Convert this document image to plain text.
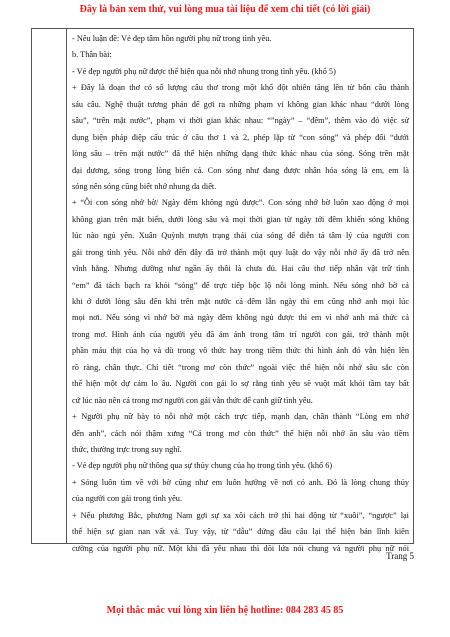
Đây là bản xem thử, vui lòng mua tài liệu để xem chi tiết (có lời giải)
- Nêu luận đề: Vẻ đẹp tâm hồn người phụ nữ trong tình yêu.
b. Thân bài:
- Vẻ đẹp người phụ nữ được thể hiện qua nỗi nhớ nhung trong tình yêu. (khổ 5)
+ Đây là đoạn thơ có số lượng câu thơ trong một khổ đột nhiên tăng lên từ bốn câu thành
sáu câu. Nghệ thuật tương phản để gợi ra những phạm vi không gian khác nhau “dưới lòng
sâu”, “trên mặt nước”, phạm vi thời gian khác nhau: “”ngày” – “đêm”, thêm vào đó việc sử
dụng biện pháp điệp cấu trúc ở câu thơ 1 và 2, phép lặp từ “con sóng” và phép đối “dưới
lòng sâu – trên mặt nước” đã thể hiện những dạng thức khác nhau của sóng. Sóng trên mặt
đại dương, sóng trong lòng biển cả. Con sóng như đang được nhân hóa sóng là em, em là
sóng nên sóng cũng biết nhớ nhung da diết.
+ “Ôi con sóng nhớ bờ/ Ngày đêm không ngủ được”. Con sóng nhớ bờ luôn xao động ở mọi
không gian trên mặt biển, dưới lòng sâu và mọi thời gian từ ngày tới đêm khiến sóng không
lúc nào ngủ yên. Xuân Quỳnh mượn trạng thái của sóng để diễn tả tâm lý của người con
gái trong tình yêu. Nỗi nhớ đến đây đã trở thành một quy luật do vậy nỗi nhớ ấy đã trở nên
vĩnh hằng. Nhưng dường như ngần ấy thôi là chưa đủ. Hai câu thơ tiếp nhân vật trữ tình
“em” đã tách bạch ra khỏi “sóng” để trực tiếp bộc lộ nỗi lòng mình. Nếu sóng nhớ bờ cả
khi ở dưới lòng sâu đến khi trên mặt nước cả đêm lẫn ngày thì em cũng nhớ anh mọi lúc
mọi nơi. Nếu sóng vì nhớ bờ mà ngày đêm không ngủ được thì em vì nhớ anh mà thức cả
trong mơ. Hình ảnh của người yêu đã ám ảnh trong tâm trí người con gái, trở thành một
phần máu thịt của họ và dù trong vô thức hay trong tiềm thức thì hình ảnh đó vẫn hiện lên
rõ ràng, chân thực. Chỉ tiết “trong mơ còn thức” ngoài việc thể hiện nỗi nhớ sâu sắc còn
thể hiện một dự cảm lo âu. Người con gái lo sợ rằng tình yêu sẽ vuột mất khỏi tầm tay bất
cứ lúc nào nên cả trong mơ người con gái vẫn thức để canh giữ tình yêu.
+ Người phụ nữ bày tỏ nỗi nhớ một cách trực tiếp, mạnh dạn, chân thành “Lòng em nhớ
đến anh”, cách nói thậm xưng “Cả trong mơ còn thức” thể hiện nỗi nhớ ăn sâu vào tiềm
thức, thường trực trong suy nghĩ.
- Vẻ đẹp người phụ nữ thông qua sự thủy chung của họ trong tình yêu. (khổ 6)
+ Sóng luôn tìm về với bờ cũng như em luôn hướng về nơi có anh. Đó là lòng chung thủy
của người con gái trong tình yêu.
+ Nếu phương Bắc, phương Nam gợi sự xa xôi cách trở thì hai động từ “xuôi”, “ngược” lại
thể hiện sự gian nan vất vả. Tuy vậy, từ “dẫu” đứng đầu câu lại thể hiện bản lĩnh kiên
cường của người phụ nữ. Một khi đã yêu nhau thì dõi lứa nói chung và người phụ nữ nói
Trang 5
Mọi thắc mắc vui lòng xin liên hệ hotline: 084 283 45 85
